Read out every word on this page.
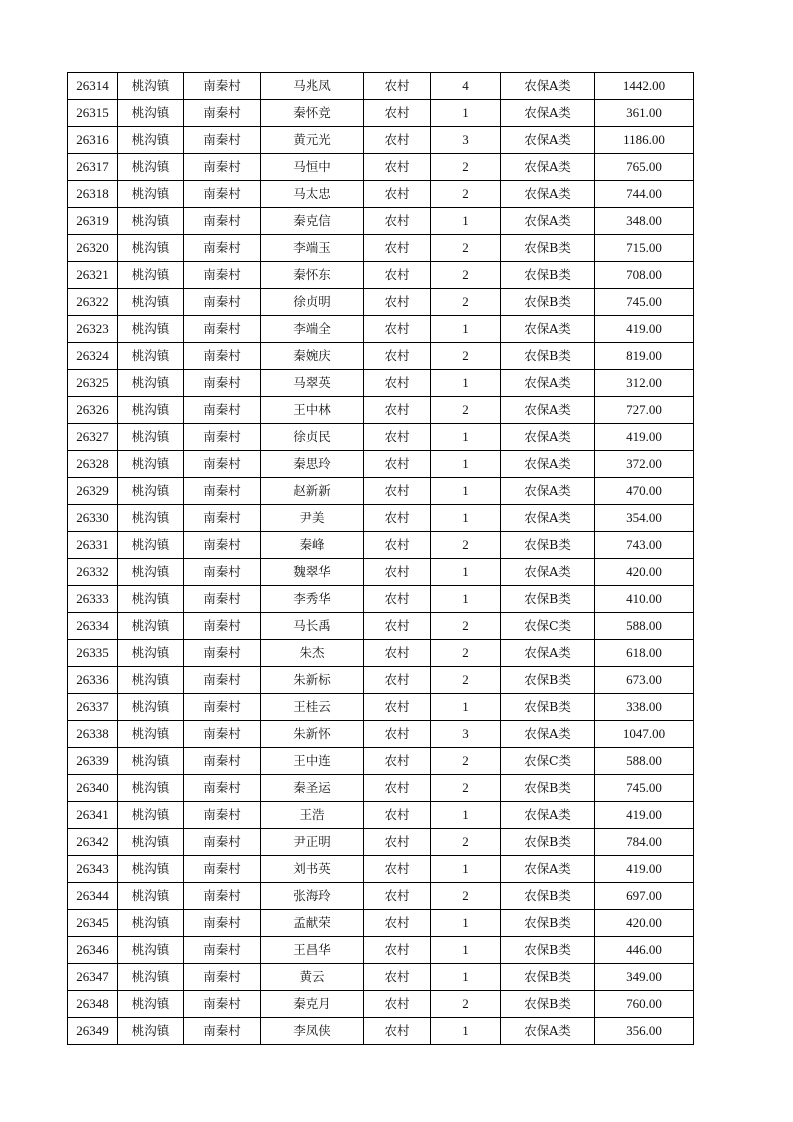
26314	桃沟镇	南秦村	马兆凤	农村	4	农保A类	1442.00
26315	桃沟镇	南秦村	秦怀竞	农村	1	农保A类	361.00
26316	桃沟镇	南秦村	黄元光	农村	3	农保A类	1186.00
26317	桃沟镇	南秦村	马恒中	农村	2	农保A类	765.00
26318	桃沟镇	南秦村	马太忠	农村	2	农保A类	744.00
26319	桃沟镇	南秦村	秦克信	农村	1	农保A类	348.00
26320	桃沟镇	南秦村	李端玉	农村	2	农保B类	715.00
26321	桃沟镇	南秦村	秦怀东	农村	2	农保B类	708.00
26322	桃沟镇	南秦村	徐贞明	农村	2	农保B类	745.00
26323	桃沟镇	南秦村	李端全	农村	1	农保A类	419.00
26324	桃沟镇	南秦村	秦婉庆	农村	2	农保B类	819.00
26325	桃沟镇	南秦村	马翠英	农村	1	农保A类	312.00
26326	桃沟镇	南秦村	王中林	农村	2	农保A类	727.00
26327	桃沟镇	南秦村	徐贞民	农村	1	农保A类	419.00
26328	桃沟镇	南秦村	秦思玲	农村	1	农保A类	372.00
26329	桃沟镇	南秦村	赵新新	农村	1	农保A类	470.00
26330	桃沟镇	南秦村	尹美	农村	1	农保A类	354.00
26331	桃沟镇	南秦村	秦峰	农村	2	农保B类	743.00
26332	桃沟镇	南秦村	魏翠华	农村	1	农保A类	420.00
26333	桃沟镇	南秦村	李秀华	农村	1	农保B类	410.00
26334	桃沟镇	南秦村	马长禹	农村	2	农保C类	588.00
26335	桃沟镇	南秦村	朱杰	农村	2	农保A类	618.00
26336	桃沟镇	南秦村	朱新标	农村	2	农保B类	673.00
26337	桃沟镇	南秦村	王桂云	农村	1	农保B类	338.00
26338	桃沟镇	南秦村	朱新怀	农村	3	农保A类	1047.00
26339	桃沟镇	南秦村	王中连	农村	2	农保C类	588.00
26340	桃沟镇	南秦村	秦圣运	农村	2	农保B类	745.00
26341	桃沟镇	南秦村	王浩	农村	1	农保A类	419.00
26342	桃沟镇	南秦村	尹正明	农村	2	农保B类	784.00
26343	桃沟镇	南秦村	刘书英	农村	1	农保A类	419.00
26344	桃沟镇	南秦村	张海玲	农村	2	农保B类	697.00
26345	桃沟镇	南秦村	孟献荣	农村	1	农保B类	420.00
26346	桃沟镇	南秦村	王昌华	农村	1	农保B类	446.00
26347	桃沟镇	南秦村	黄云	农村	1	农保B类	349.00
26348	桃沟镇	南秦村	秦克月	农村	2	农保B类	760.00
26349	桃沟镇	南秦村	李凤侠	农村	1	农保A类	356.00
